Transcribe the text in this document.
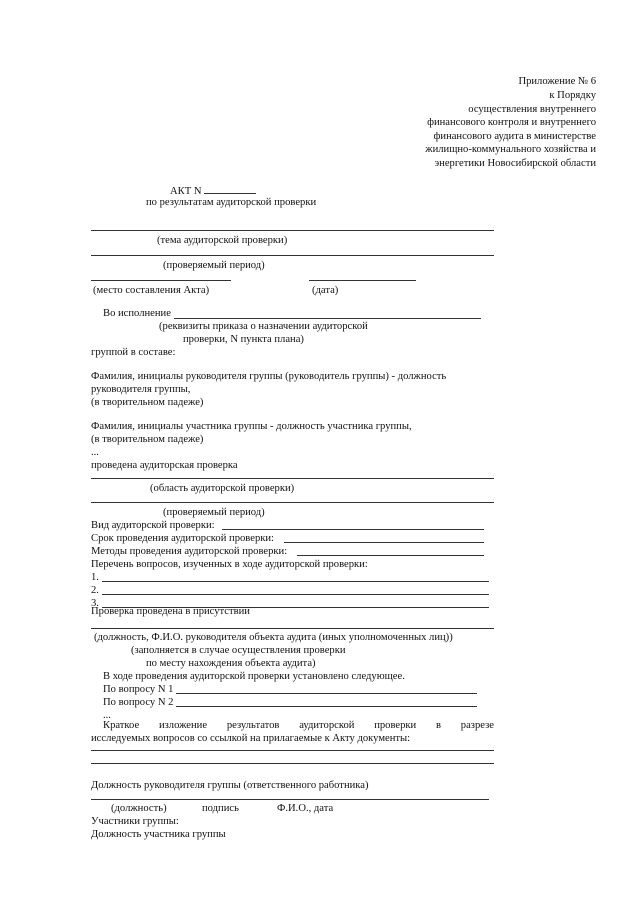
Приложение № 6
к Порядку
осуществления внутреннего
финансового контроля и внутреннего
финансового аудита в министерстве
жилищно-коммунального хозяйства и
энергетики Новосибирской области
АКТ N
по результатам аудиторской проверки
(тема аудиторской проверки)
(проверяемый период)
(место составления Акта)	(дата)
Во исполнение
(реквизиты приказа о назначении аудиторской
проверки, N пункта плана)
группой в составе:
Фамилия, инициалы руководителя группы (руководитель группы) - должность
руководителя группы,
(в творительном падеже)
Фамилия, инициалы участника группы - должность участника группы,
(в творительном падеже)
...
проведена аудиторская проверка
(область аудиторской проверки)
(проверяемый период)
Вид аудиторской проверки:
Срок проведения аудиторской проверки:
Методы проведения аудиторской проверки:
Перечень вопросов, изученных в ходе аудиторской проверки:
1.
2.
3.
Проверка проведена в присутствии
(должность, Ф.И.О. руководителя объекта аудита (иных уполномоченных лиц))
(заполняется в случае осуществления проверки
по месту нахождения объекта аудита)
В ходе проведения аудиторской проверки установлено следующее.
По вопросу N 1
По вопросу N 2
...
Краткое изложение результатов аудиторской проверки в разрезе
исследуемых вопросов со ссылкой на прилагаемые к Акту документы:
Должность руководителя группы (ответственного работника)
(должность)	подпись	Ф.И.О., дата
Участники группы:
Должность участника группы
